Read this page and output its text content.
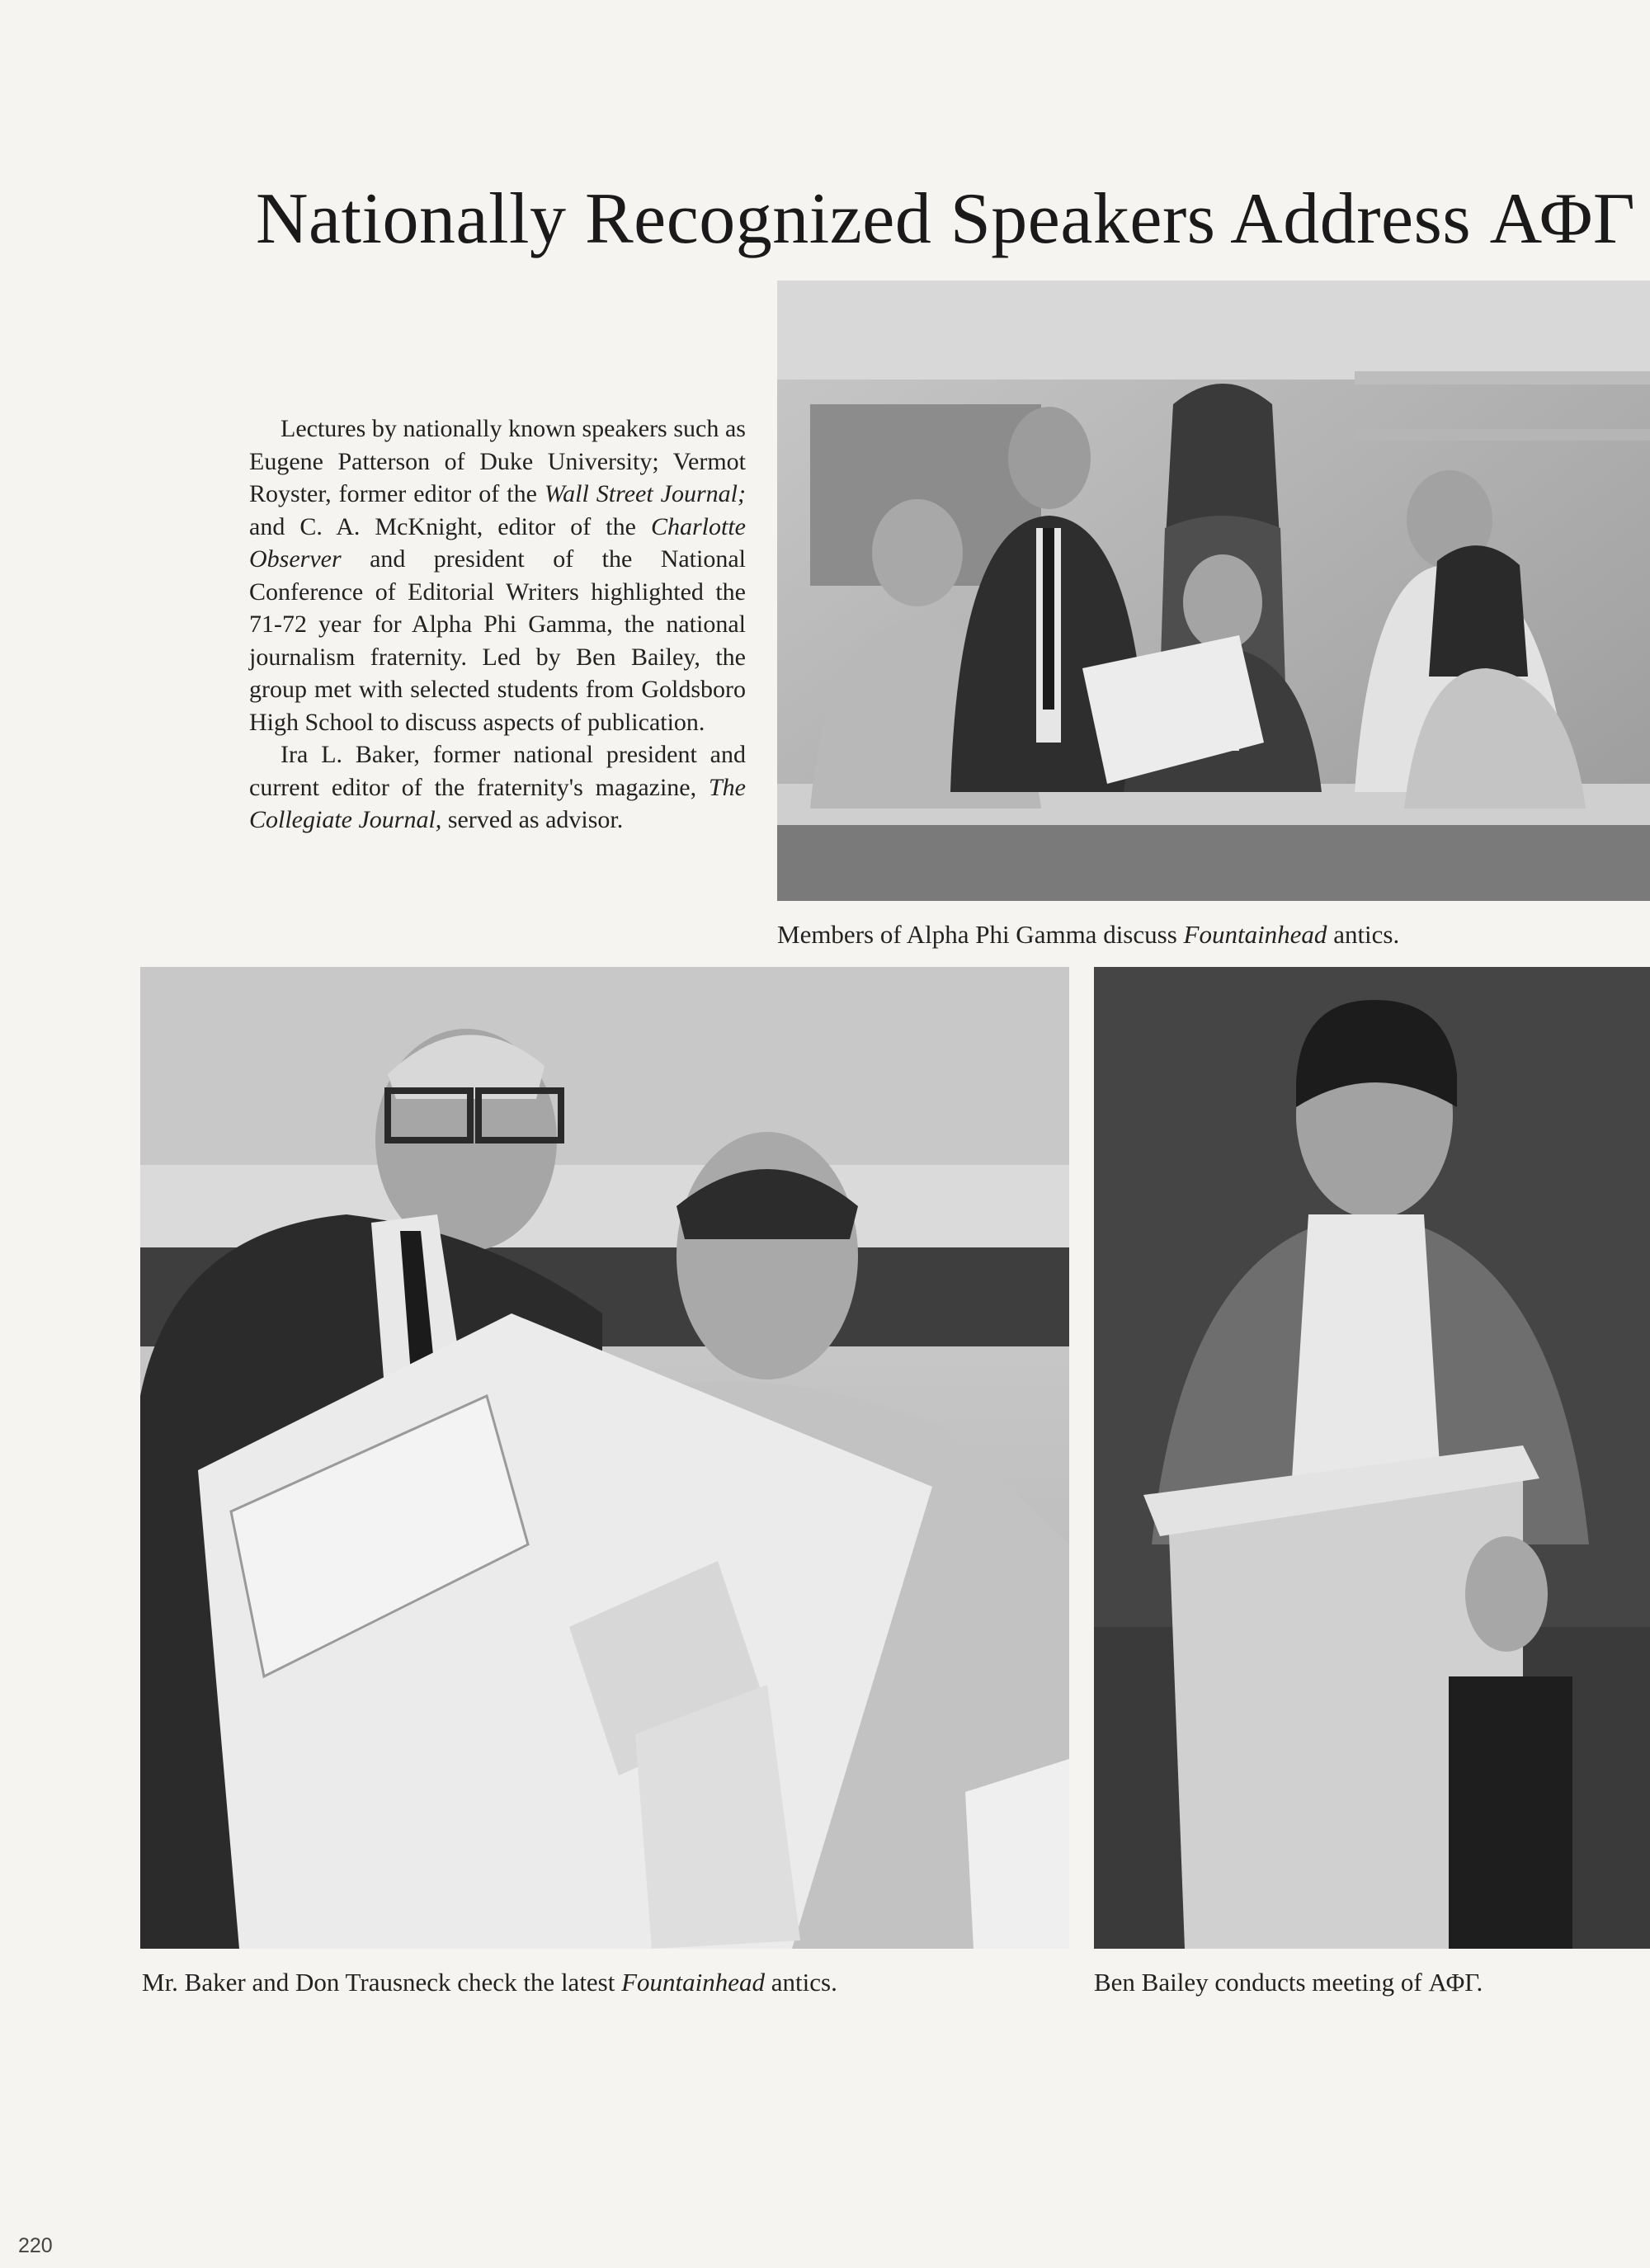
Nationally Recognized Speakers Address ΑΦΓ

Lectures by nationally known speakers such as Eugene Patterson of Duke University; Vermot Royster, former editor of the Wall Street Journal; and C. A. McKnight, editor of the Charlotte Observer and president of the National Conference of Editorial Writers highlighted the 71-72 year for Alpha Phi Gamma, the national journalism fraternity. Led by Ben Bailey, the group met with selected students from Goldsboro High School to discuss aspects of publication.

Ira L. Baker, former national president and current editor of the fraternity's magazine, The Collegiate Journal, served as advisor.

Members of Alpha Phi Gamma discuss Fountainhead antics.
Mr. Baker and Don Trausneck check the latest Fountainhead antics.	Ben Bailey conducts meeting of ΑΦΓ.
220
